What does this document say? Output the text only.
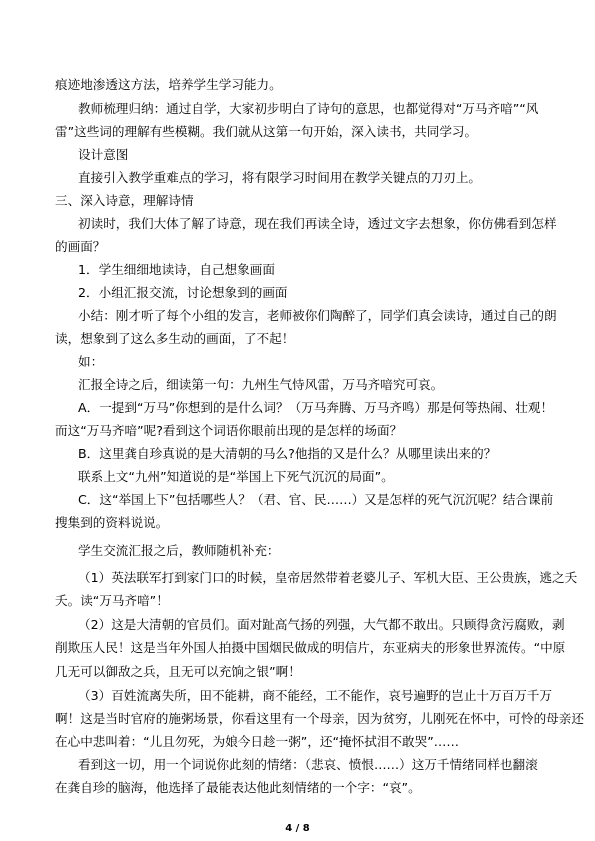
痕迹地渗透这方法，培养学生学习能力。
教师梳理归纳：通过自学，大家初步明白了诗句的意思，也都觉得对“万马齐喑”“风
雷”这些词的理解有些模糊。我们就从这第一句开始，深入读书，共同学习。
设计意图
直接引入教学重难点的学习，将有限学习时间用在教学关键点的刀刃上。
三、深入诗意，理解诗情
初读时，我们大体了解了诗意，现在我们再读全诗，透过文字去想象，你仿佛看到怎样
的画面？
1．学生细细地读诗，自己想象画面
2．小组汇报交流，讨论想象到的画面
小结：刚才听了每个小组的发言，老师被你们陶醉了，同学们真会读诗，通过自己的朗
读，想象到了这么多生动的画面，了不起！
如：
汇报全诗之后，细读第一句：九州生气恃风雷，万马齐喑究可哀。
A．一提到“万马”你想到的是什么词？（万马奔腾、万马齐鸣）那是何等热闹、壮观！
而这“万马齐喑”呢?看到这个词语你眼前出现的是怎样的场面？
B．这里龚自珍真说的是大清朝的马么?他指的又是什么？从哪里读出来的？
联系上文“九州”知道说的是“举国上下死气沉沉的局面”。
C．这“举国上下”包括哪些人？（君、官、民……）又是怎样的死气沉沉呢？结合课前
搜集到的资料说说。
学生交流汇报之后，教师随机补充：
（1）英法联军打到家门口的时候，皇帝居然带着老婆儿子、军机大臣、王公贵族，逃之夭
夭。读“万马齐喑”！
（2）这是大清朝的官员们。面对趾高气扬的列强，大气都不敢出。只顾得贪污腐败，剥
削欺压人民！这是当年外国人拍摄中国烟民做成的明信片，东亚病夫的形象世界流传。“中原
几无可以御敌之兵，且无可以充饷之银”啊！
（3）百姓流离失所，田不能耕，商不能经，工不能作，哀号遍野的岂止十万百万千万
啊！这是当时官府的施粥场景，你看这里有一个母亲，因为贫穷，儿刚死在怀中，可怜的母亲还
在心中悲叫着：“儿且勿死，为娘今日趁一粥”，还“掩怀拭泪不敢哭”……
看到这一切，用一个词说你此刻的情绪：（悲哀、愤恨……）这万千情绪同样也翻滚
在龚自珍的脑海，他选择了最能表达他此刻情绪的一个字：“哀”。
4 / 8
